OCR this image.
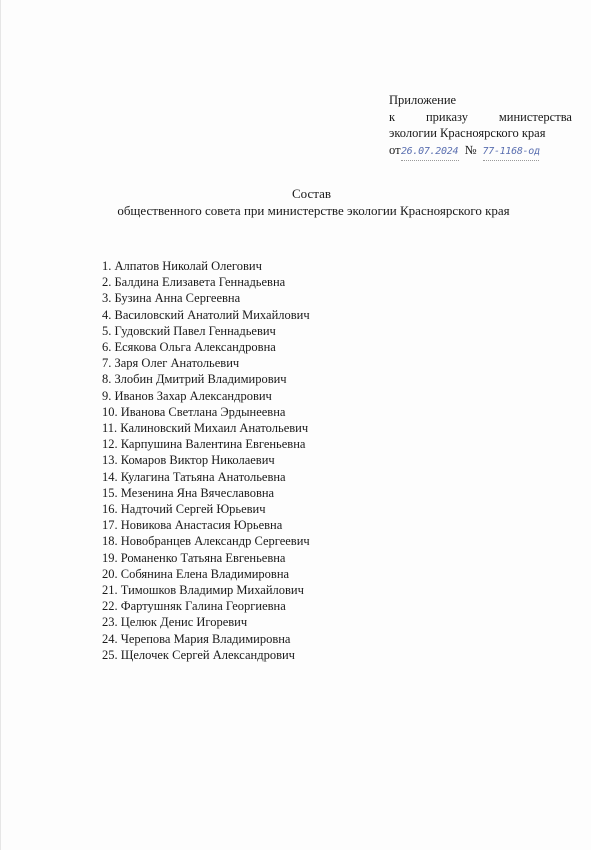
Приложение
к приказу министерства
экологии Красноярского края
от 26.07.2024 № 77-1168-од
Состав
общественного совета при министерстве экологии Красноярского края
1. Алпатов Николай Олегович
2. Балдина Елизавета Геннадьевна
3. Бузина Анна Сергеевна
4. Василовский Анатолий Михайлович
5. Гудовский Павел Геннадьевич
6. Есякова Ольга Александровна
7. Заря Олег Анатольевич
8. Злобин Дмитрий Владимирович
9. Иванов Захар Александрович
10. Иванова Светлана Эрдынеевна
11. Калиновский Михаил Анатольевич
12. Карпушина Валентина Евгеньевна
13. Комаров Виктор Николаевич
14. Кулагина Татьяна Анатольевна
15. Мезенина Яна Вячеславовна
16. Надточий Сергей Юрьевич
17. Новикова Анастасия Юрьевна
18. Новобранцев Александр Сергеевич
19. Романенко Татьяна Евгеньевна
20. Собянина Елена Владимировна
21. Тимошков Владимир Михайлович
22. Фартушняк Галина Георгиевна
23. Целюк Денис Игоревич
24. Черепова Мария Владимировна
25. Щелочек Сергей Александрович
